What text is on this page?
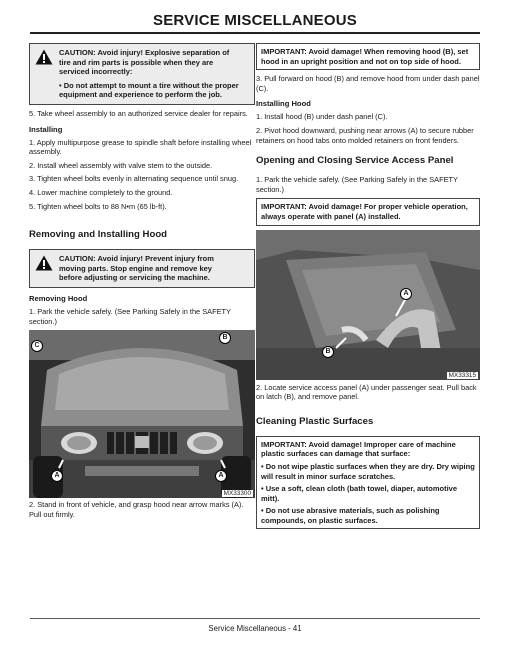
SERVICE MISCELLANEOUS
CAUTION: Avoid injury! Explosive separation of
tire and rim parts is possible when they are
serviced incorrectly:
• Do not attempt to mount a tire without the proper equipment and experience to perform the job.
5. Take wheel assembly to an authorized service dealer for repairs.
Installing
1. Apply multipurpose grease to spindle shaft before installing wheel assembly.
2. Install wheel assembly with valve stem to the outside.
3. Tighten wheel bolts evenly in alternating sequence until snug.
4. Lower machine completely to the ground.
5. Tighten wheel bolts to 88 N•m (65 lb-ft).
Removing and Installing Hood
CAUTION: Avoid injury! Prevent injury from
moving parts. Stop engine and remove key
before adjusting or servicing the machine.
Removing Hood
1. Park the vehicle safely. (See Parking Safely in the SAFETY section.)
C
B
A	A
MX33300
2. Stand in front of vehicle, and grasp hood near arrow marks (A). Pull out firmly.
IMPORTANT: Avoid damage! When removing hood (B), set hood in an upright position and not on top side of hood.
3. Pull forward on hood (B) and remove hood from under dash panel (C).
Installing Hood
1. Install hood (B) under dash panel (C).
2. Pivot hood downward, pushing near arrows (A) to secure rubber retainers on hood tabs onto molded retainers on front fenders.
Opening and Closing Service Access Panel
1. Park the vehicle safely. (See Parking Safely in the SAFETY section.)
IMPORTANT: Avoid damage! For proper vehicle operation, always operate with panel (A) installed.
A
B
MX33315
2. Locate service access panel (A) under passenger seat. Pull back on latch (B), and remove panel.
Cleaning Plastic Surfaces
IMPORTANT: Avoid damage! Improper care of machine plastic surfaces can damage that surface:
• Do not wipe plastic surfaces when they are dry. Dry wiping will result in minor surface scratches.
• Use a soft, clean cloth (bath towel, diaper, automotive mitt).
• Do not use abrasive materials, such as polishing compounds, on plastic surfaces.
Service Miscellaneous - 41
